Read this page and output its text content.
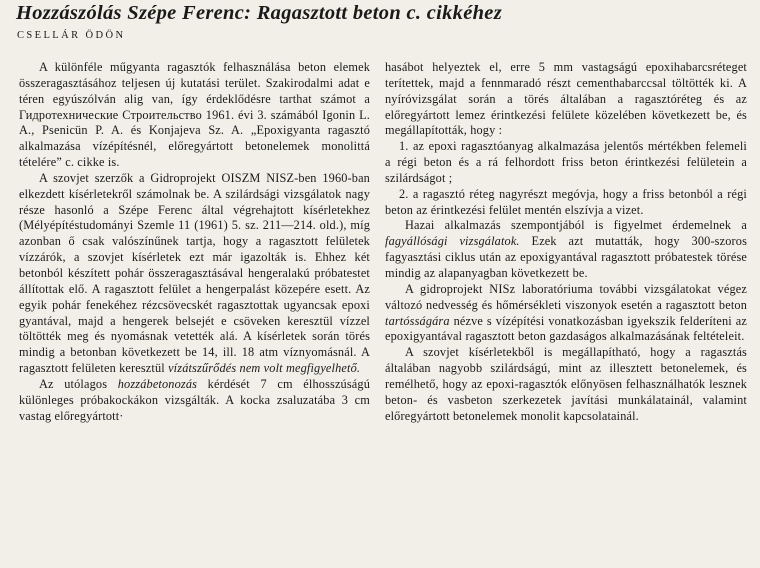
Hozzászólás Szépe Ferenc: Ragasztott beton c. cikkéhez
CSELLÁR ÖDÖN

A különféle műgyanta ragasztók felhasználása beton elemek összeragasztásához teljesen új kutatási terület. Szakirodalmi adat e téren egyúszólván alig van, így érdeklődésre tarthat számot a Гидротехнические Строительство 1961. évi 3. számából Igonin L. A., Psenicün P. A. és Konjajeva Sz. A. „Epoxigyanta ragasztó alkalmazása vízépítésnél, előregyártott betonelemek monolittá tételére” c. cikke is.

A szovjet szerzők a Gidroprojekt OISZM NISZ-ben 1960-ban elkezdett kísérletekről számolnak be. A szilárdsági vizsgálatok nagy része hasonló a Szépe Ferenc által végrehajtott kísérletekhez (Mélyépítéstudományi Szemle 11 (1961) 5. sz. 211—214. old.), míg azonban ő csak valószínűnek tartja, hogy a ragasztott felületek vízzárók, a szovjet kísérletek ezt már igazolták is. Ehhez két betonból készített pohár összeragasztásával hengeralakú próbatestet állítottak elő. A ragasztott felület a hengerpalást közepére esett. Az egyik pohár fenekéhez rézcsövecskét ragasztottak ugyancsak epoxi gyantával, majd a hengerek belsejét e csöveken keresztül vízzel töltötték meg és nyomásnak vetették alá. A kísérletek során törés mindig a betonban következett be 14, ill. 18 atm víznyomásnál. A ragasztott felületen keresztül vízátszűrődés nem volt megfigyelhető.

Az utólagos hozzábetonozás kérdését 7 cm élhosszúságú különleges próbakockákon vizsgálták. A kocka zsaluzatába 3 cm vastag előregyártott·

hasábot helyeztek el, erre 5 mm vastagságú epoxihabarcsréteget terítettek, majd a fennmaradó részt cementhabarccsal töltötték ki. A nyíróvizsgálat során a törés általában a ragasztóréteg és az előregyártott lemez érintkezési felülete közelében következett be, és megállapították, hogy :

1. az epoxi ragasztóanyag alkalmazása jelentős mértékben felemeli a régi beton és a rá felhordott friss beton érintkezési felületein a szilárdságot ;

2. a ragasztó réteg nagyrészt megóvja, hogy a friss betonból a régi beton az érintkezési felület mentén elszívja a vizet.

Hazai alkalmazás szempontjából is figyelmet érdemelnek a fagyállósági vizsgálatok. Ezek azt mutatták, hogy 300-szoros fagyasztási ciklus után az epoxigyantával ragasztott próbatestek törése mindig az alapanyagban következett be.

A gidroprojekt NISz laboratóriuma további vizsgálatokat végez változó nedvesség és hőmérsékleti viszonyok esetén a ragasztott beton tartósságára nézve s vízépítési vonatkozásban igyekszik felderíteni az epoxigyantával ragasztott beton gazdaságos alkalmazásának feltételeit.

A szovjet kísérletekből is megállapítható, hogy a ragasztás általában nagyobb szilárdságú, mint az illesztett betonelemek, és remélhető, hogy az epoxi-ragasztók előnyösen felhasználhatók lesznek beton- és vasbeton szerkezetek javítási munkálatainál, valamint előregyártott betonelemek monolit kapcsolatainál.
